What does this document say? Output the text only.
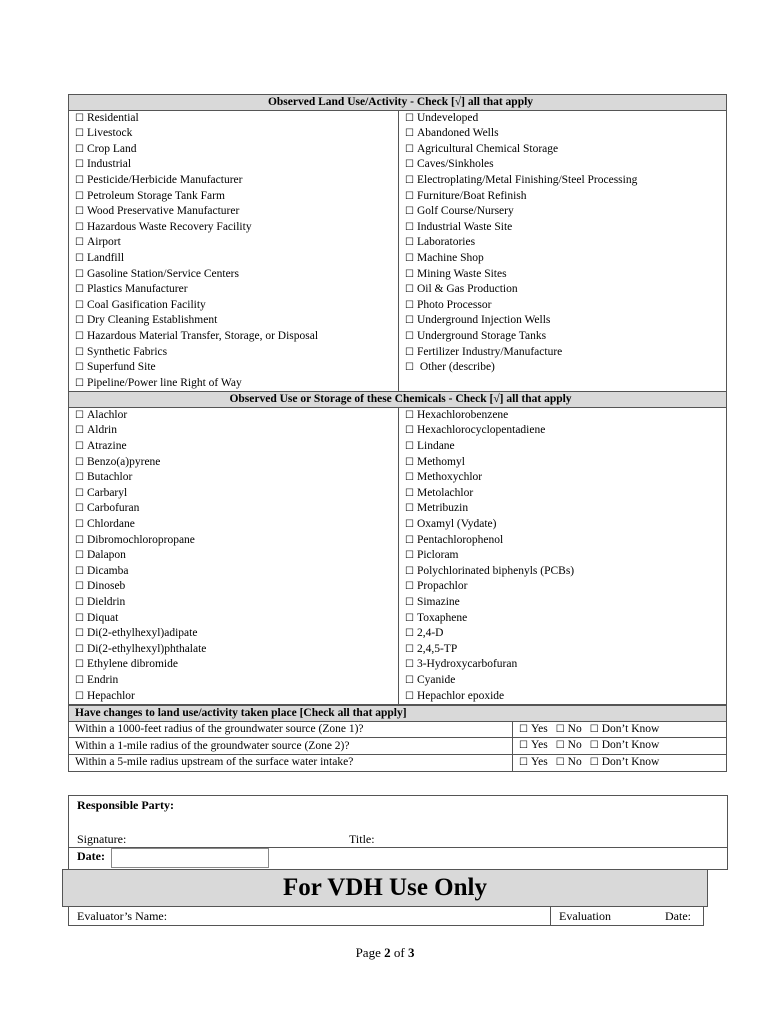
Observed Land Use/Activity - Check [√] all that apply	
☐ Residential	☐ Undeveloped
☐ Livestock	☐ Abandoned Wells
☐ Crop Land	☐ Agricultural Chemical Storage
☐ Industrial	☐ Caves/Sinkholes
☐ Pesticide/Herbicide Manufacturer	☐ Electroplating/Metal Finishing/Steel Processing
☐ Petroleum Storage Tank Farm	☐ Furniture/Boat Refinish
☐ Wood Preservative Manufacturer	☐ Golf Course/Nursery
☐ Hazardous Waste Recovery Facility	☐ Industrial Waste Site
☐ Airport	☐ Laboratories
☐ Landfill	☐ Machine Shop
☐ Gasoline Station/Service Centers	☐ Mining Waste Sites
☐ Plastics Manufacturer	☐ Oil & Gas Production
☐ Coal Gasification Facility	☐ Photo Processor
☐ Dry Cleaning Establishment	☐ Underground Injection Wells
☐ Hazardous Material Transfer, Storage, or Disposal	☐ Underground Storage Tanks
☐ Synthetic Fabrics	☐ Fertilizer Industry/Manufacture
☐ Superfund Site	☐ Other (describe)
☐ Pipeline/Power line Right of Way	
Observed Use or Storage of these Chemicals - Check [√] all that apply	
☐ Alachlor	☐ Hexachlorobenzene
☐ Aldrin	☐ Hexachlorocyclopentadiene
☐ Atrazine	☐ Lindane
☐ Benzo(a)pyrene	☐ Methomyl
☐ Butachlor	☐ Methoxychlor
☐ Carbaryl	☐ Metolachlor
☐ Carbofuran	☐ Metribuzin
☐ Chlordane	☐ Oxamyl (Vydate)
☐ Dibromochloropropane	☐ Pentachlorophenol
☐ Dalapon	☐ Picloram
☐ Dicamba	☐ Polychlorinated biphenyls (PCBs)
☐ Dinoseb	☐ Propachlor
☐ Dieldrin	☐ Simazine
☐ Diquat	☐ Toxaphene
☐ Di(2-ethylhexyl)adipate	☐ 2,4-D
☐ Di(2-ethylhexyl)phthalate	☐ 2,4,5-TP
☐ Ethylene dibromide	☐ 3-Hydroxycarbofuran
☐ Endrin	☐ Cyanide
☐ Hepachlor	☐ Hepachlor epoxide
Have changes to land use/activity taken place [Check all that apply]	
Within a 1000-feet radius of the groundwater source (Zone 1)?	☐ Yes ☐ No ☐ Don’t Know
Within a 1-mile radius of the groundwater source (Zone 2)?	☐ Yes ☐ No ☐ Don’t Know
Within a 5-mile radius upstream of the surface water intake?	☐ Yes ☐ No ☐ Don’t Know
Responsible Party:
Signature:	Title:
Date:
For VDH Use Only
Evaluator’s Name:	Evaluation	Date:
Page 2 of 3
